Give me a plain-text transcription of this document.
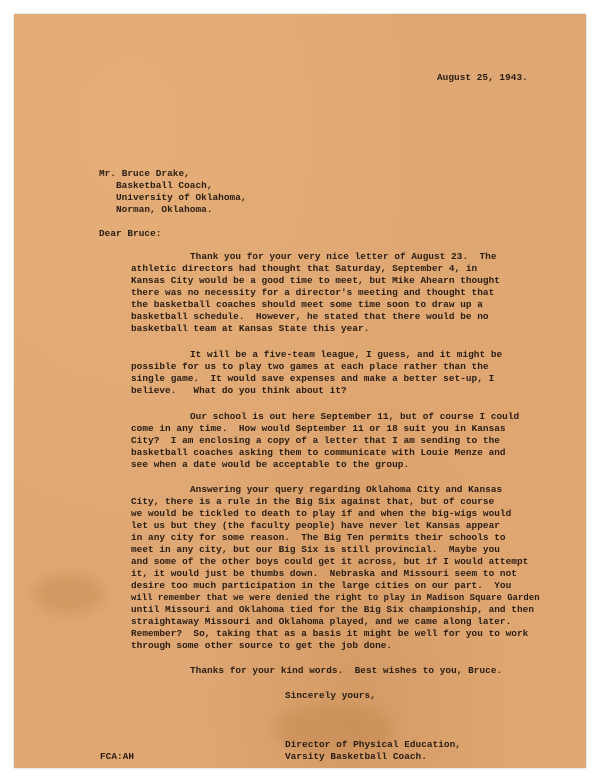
August 25, 1943.
Mr. Bruce Drake,
Basketball Coach,
University of Oklahoma,
Norman, Oklahoma.
Dear Bruce:
Thank you for your very nice letter of August 23.  The
athletic directors had thought that Saturday, September 4, in
Kansas City would be a good time to meet, but Mike Ahearn thought
there was no necessity for a director's meeting and thought that
the basketball coaches should meet some time soon to draw up a
basketball schedule.  However, he stated that there would be no
basketball team at Kansas State this year.
It will be a five-team league, I guess, and it might be
possible for us to play two games at each place rather than the
single game.  It would save expenses and make a better set-up, I
believe.   What do you think about it?
Our school is out here September 11, but of course I could
come in any time.  How would September 11 or 18 suit you in Kansas
City?  I am enclosing a copy of a letter that I am sending to the
basketball coaches asking them to communicate with Louie Menze and
see when a date would be acceptable to the group.
Answering your query regarding Oklahoma City and Kansas
City, there is a rule in the Big Six against that, but of course
we would be tickled to death to play if and when the big-wigs would
let us but they (the faculty people) have never let Kansas appear
in any city for some reason.  The Big Ten permits their schools to
meet in any city, but our Big Six is still provincial.  Maybe you
and some of the other boys could get it across, but if I would attempt
it, it would just be thumbs down.  Nebraska and Missouri seem to not
desire too much participation in the large cities on our part.  You
will remember that we were denied the right to play in Madison Square Garden
until Missouri and Oklahoma tied for the Big Six championship, and then
straightaway Missouri and Oklahoma played, and we came along later.
Remember?  So, taking that as a basis it might be well for you to work
through some other source to get the job done.
Thanks for your kind words.  Best wishes to you, Bruce.
Sincerely yours,
Director of Physical Education,
Varsity Basketball Coach.
FCA:AH
